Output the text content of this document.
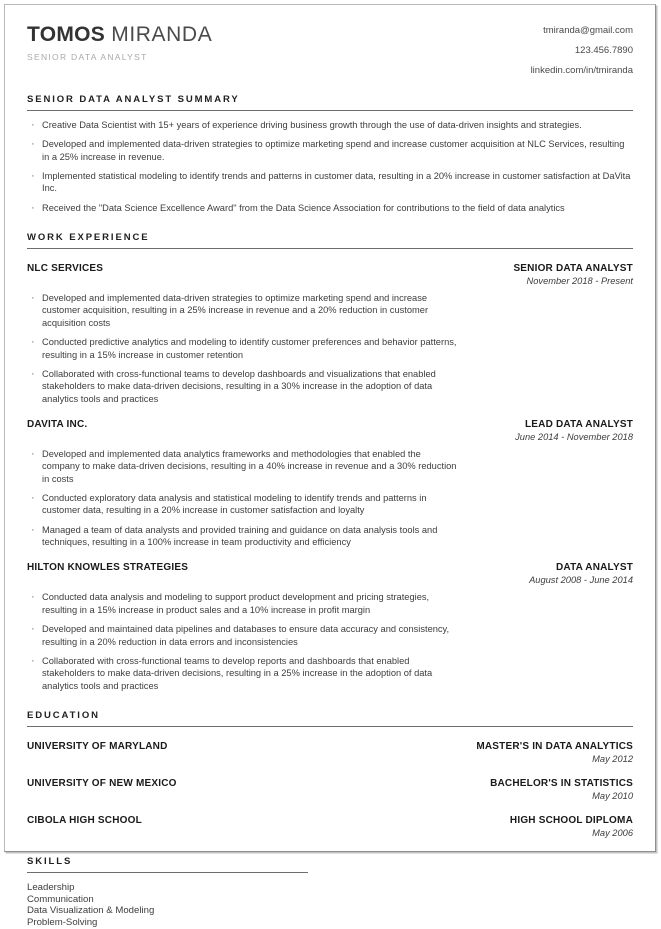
TOMOS MIRANDA
SENIOR DATA ANALYST
tmiranda@gmail.com
123.456.7890
linkedin.com/in/tmiranda
SENIOR DATA ANALYST SUMMARY
· Creative Data Scientist with 15+ years of experience driving business growth through the use of data-driven insights and strategies.
· Developed and implemented data-driven strategies to optimize marketing spend and increase customer acquisition at NLC Services, resulting in a 25% increase in revenue.
· Implemented statistical modeling to identify trends and patterns in customer data, resulting in a 20% increase in customer satisfaction at DaVita Inc.
· Received the "Data Science Excellence Award" from the Data Science Association for contributions to the field of data analytics
WORK EXPERIENCE
NLC SERVICES	SENIOR DATA ANALYST
November 2018 - Present
· Developed and implemented data-driven strategies to optimize marketing spend and increase customer acquisition, resulting in a 25% increase in revenue and a 20% reduction in customer acquisition costs
· Conducted predictive analytics and modeling to identify customer preferences and behavior patterns, resulting in a 15% increase in customer retention
· Collaborated with cross-functional teams to develop dashboards and visualizations that enabled stakeholders to make data-driven decisions, resulting in a 30% increase in the adoption of data analytics tools and practices
DAVITA INC.	LEAD DATA ANALYST
June 2014 - November 2018
· Developed and implemented data analytics frameworks and methodologies that enabled the company to make data-driven decisions, resulting in a 40% increase in revenue and a 30% reduction in costs
· Conducted exploratory data analysis and statistical modeling to identify trends and patterns in customer data, resulting in a 20% increase in customer satisfaction and loyalty
· Managed a team of data analysts and provided training and guidance on data analysis tools and techniques, resulting in a 100% increase in team productivity and efficiency
HILTON KNOWLES STRATEGIES	DATA ANALYST
August 2008 - June 2014
· Conducted data analysis and modeling to support product development and pricing strategies, resulting in a 15% increase in product sales and a 10% increase in profit margin
· Developed and maintained data pipelines and databases to ensure data accuracy and consistency, resulting in a 20% reduction in data errors and inconsistencies
· Collaborated with cross-functional teams to develop reports and dashboards that enabled stakeholders to make data-driven decisions, resulting in a 25% increase in the adoption of data analytics tools and practices
EDUCATION
UNIVERSITY OF MARYLAND	MASTER'S IN DATA ANALYTICS
May 2012
UNIVERSITY OF NEW MEXICO	BACHELOR'S IN STATISTICS
May 2010
CIBOLA HIGH SCHOOL	HIGH SCHOOL DIPLOMA
May 2006
SKILLS
Leadership
Communication
Data Visualization & Modeling
Problem-Solving
